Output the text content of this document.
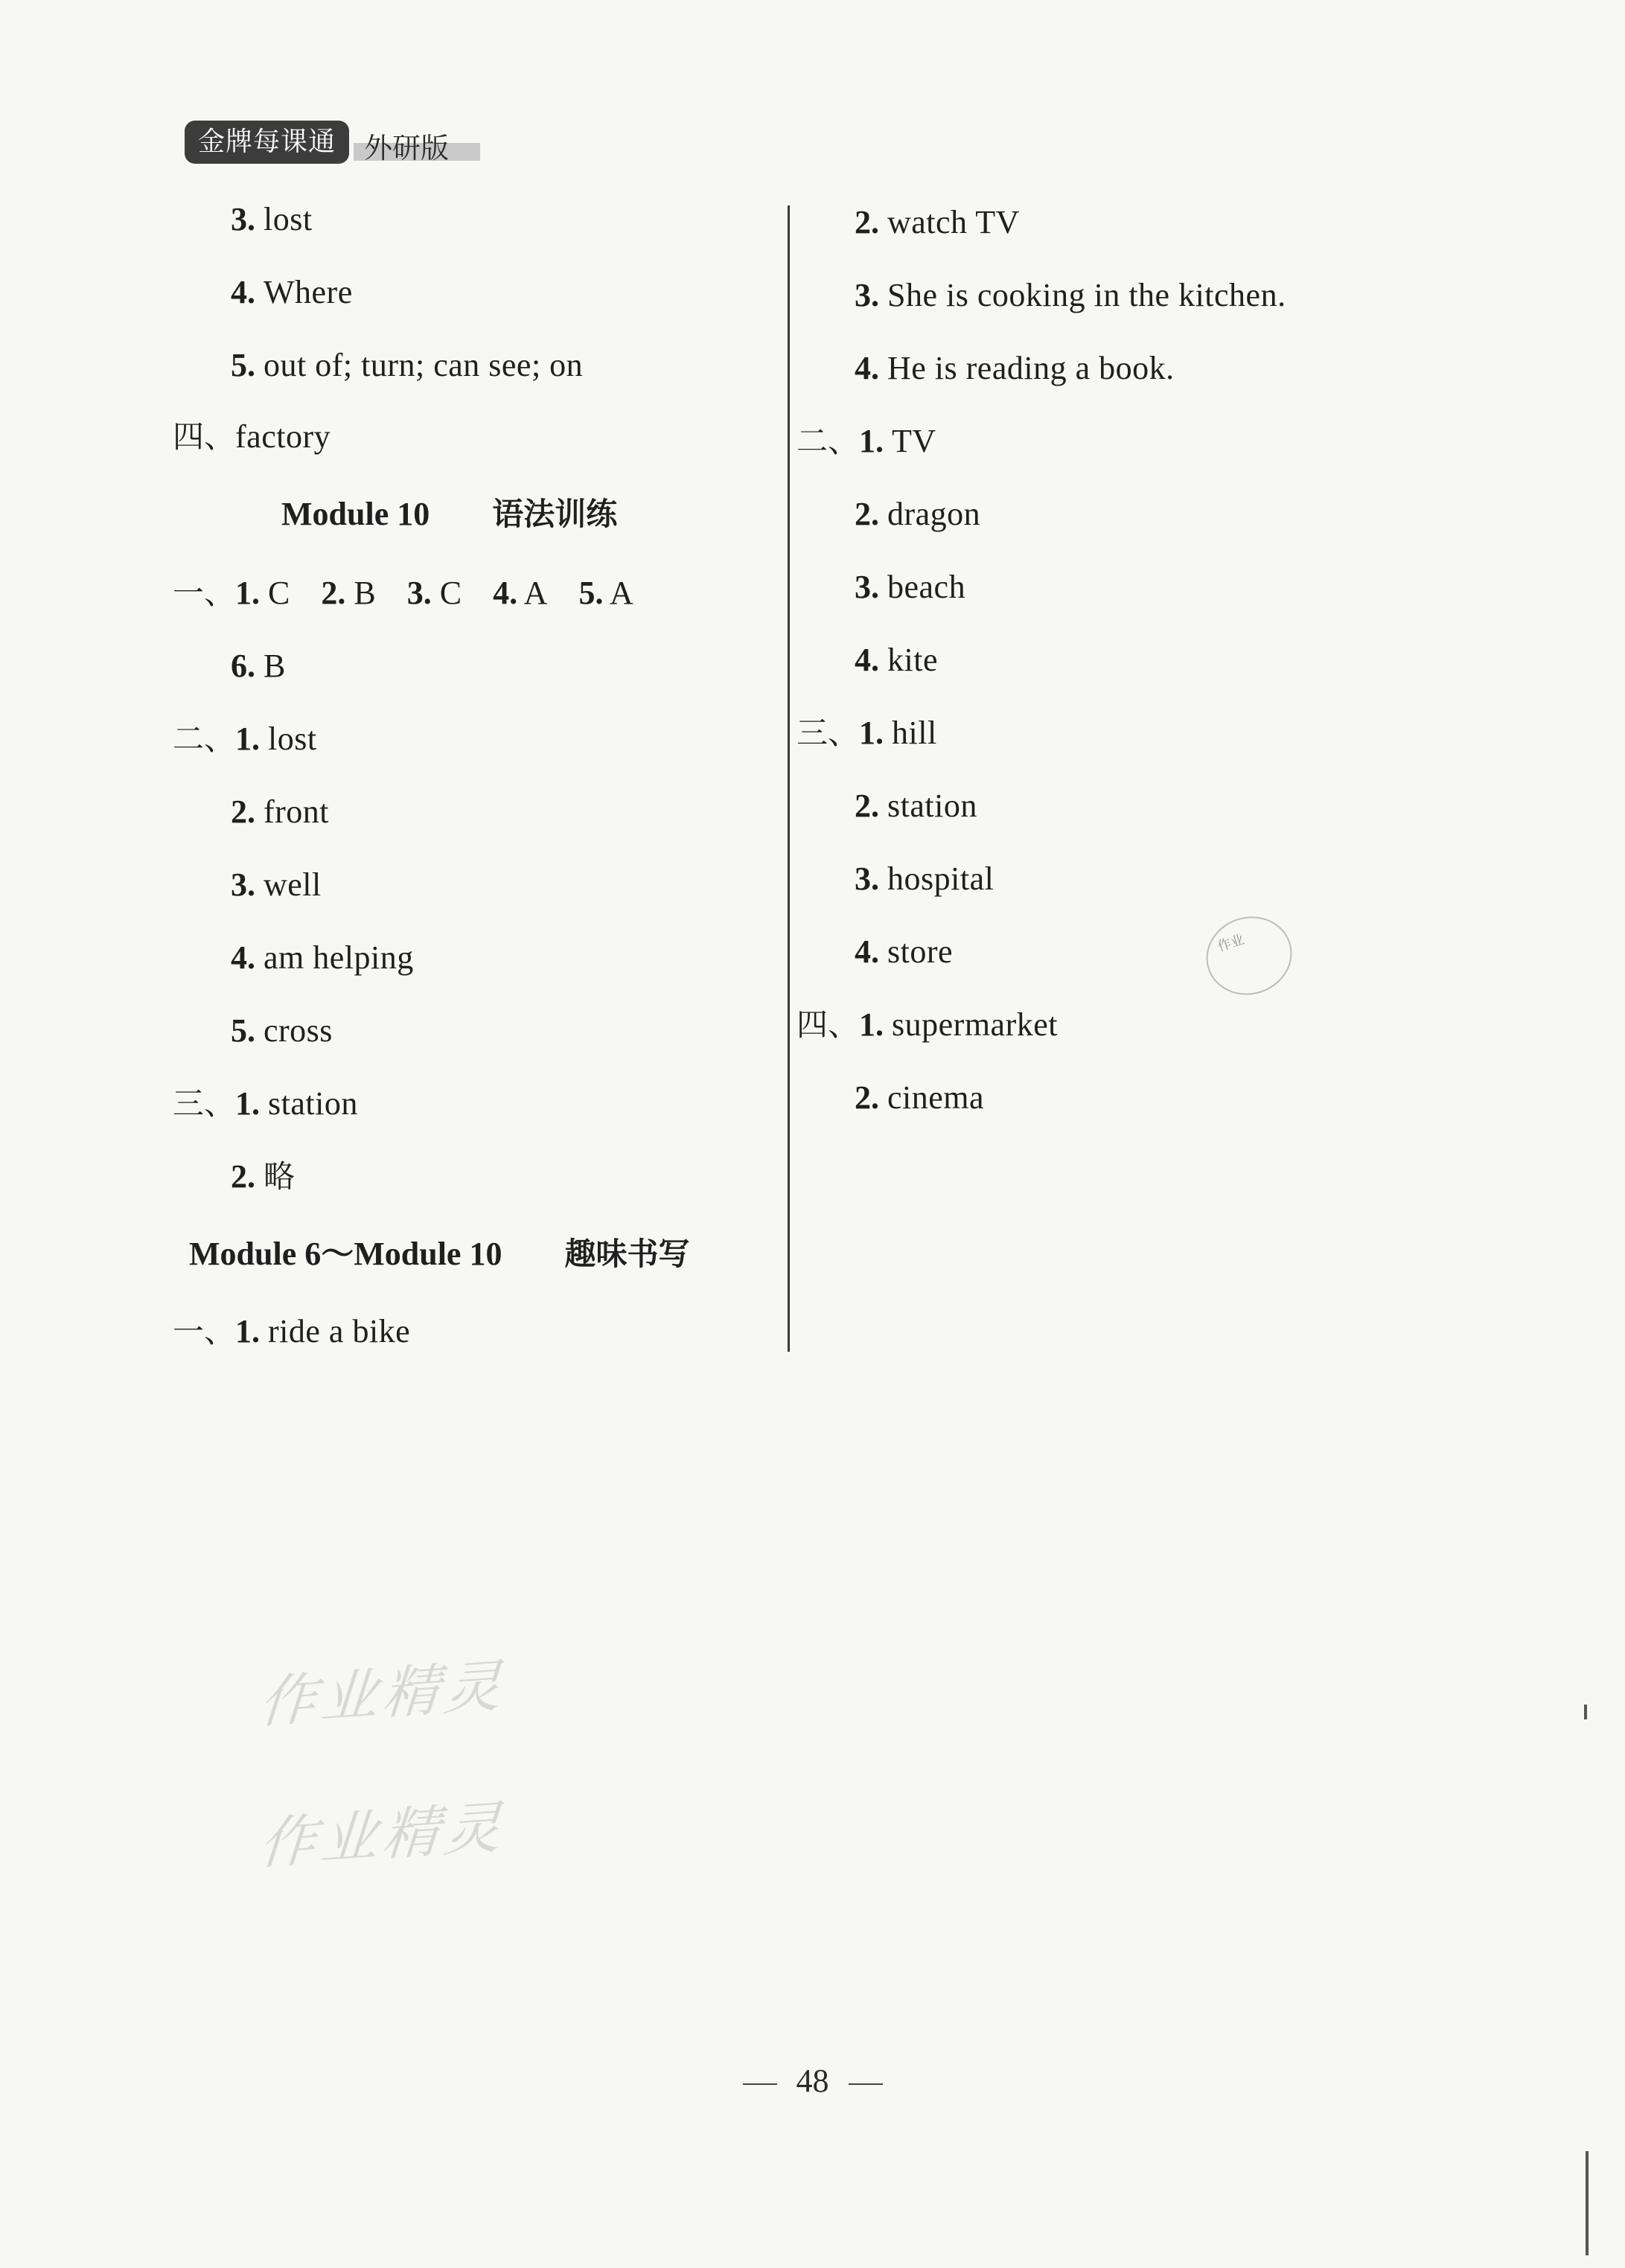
金牌每课通	外研版
3. lost
4. Where
5. out of; turn; can see; on
四、factory
Module 10 语法训练
一、1. C 2. B 3. C 4. A 5. A
6. B
二、1. lost
2. front
3. well
4. am helping
5. cross
三、1. station
2. 略
Module 6～Module 10 趣味书写
一、1. ride a bike
2. watch TV
3. She is cooking in the kitchen.
4. He is reading a book.
二、1. TV
2. dragon
3. beach
4. kite
三、1. hill
2. station
3. hospital
4. store
四、1. supermarket
2. cinema
作业
作业精灵
作业精灵
48
